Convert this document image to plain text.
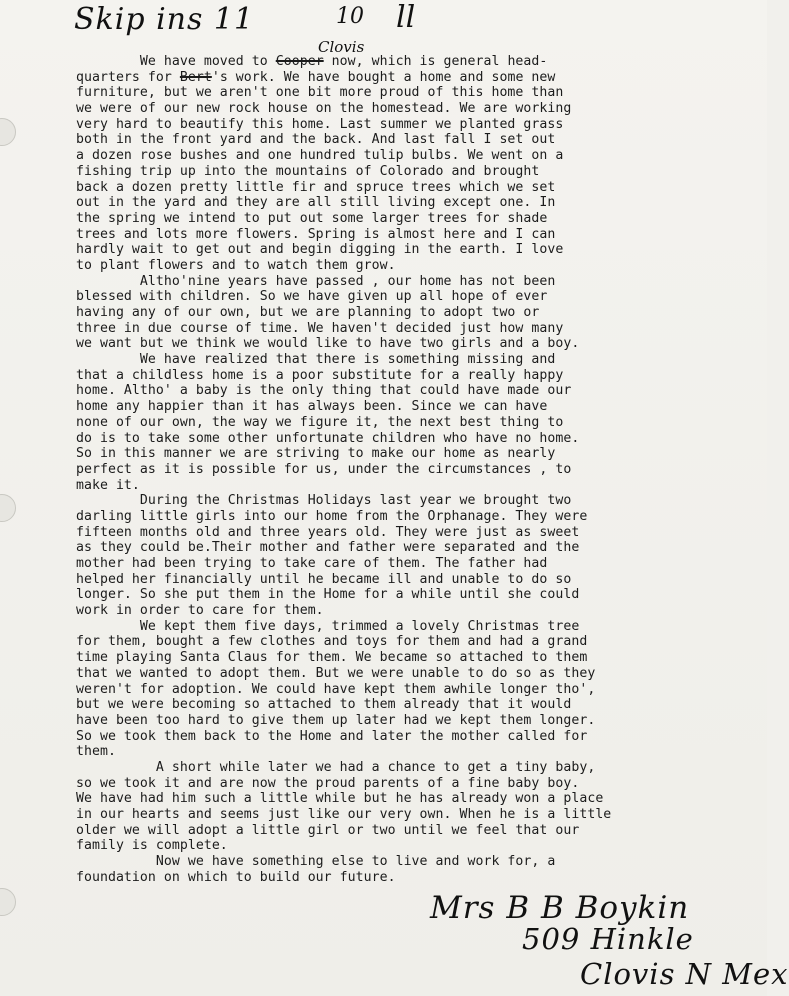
Skip ins 11	10 ll
Clovis
We have moved to Cooper now, which is general head-
quarters for Bert's work. We have bought a home and some new
furniture, but we aren't one bit more proud of this home than
we were of our new rock house on the homestead. We are working
very hard to beautify this home. Last summer we planted grass
both in the front yard and the back. And last fall I set out
a dozen rose bushes and one hundred tulip bulbs. We went on a
fishing trip up into the mountains of Colorado and brought
back a dozen pretty little fir and spruce trees which we set
out in the yard and they are all still living except one. In
the spring we intend to put out some larger trees for shade
trees and lots more flowers. Spring is almost here and I can
hardly wait to get out and begin digging in the earth. I love
to plant flowers and to watch them grow.
Altho'nine years have passed , our home has not been
blessed with children. So we have given up all hope of ever
having any of our own, but we are planning to adopt two or
three in due course of time. We haven't decided just how many
we want but we think we would like to have two girls and a boy.
We have realized that there is something missing and
that a childless home is a poor substitute for a really happy
home. Altho' a baby is the only thing that could have made our
home any happier than it has always been. Since we can have
none of our own, the way we figure it, the next best thing to
do is to take some other unfortunate children who have no home.
So in this manner we are striving to make our home as nearly
perfect as it is possible for us, under the circumstances , to
make it.
During the Christmas Holidays last year we brought two
darling little girls into our home from the Orphanage. They were
fifteen months old and three years old. They were just as sweet
as they could be.Their mother and father were separated and the
mother had been trying to take care of them. The father had
helped her financially until he became ill and unable to do so
longer. So she put them in the Home for a while until she could
work in order to care for them.
We kept them five days, trimmed a lovely Christmas tree
for them, bought a few clothes and toys for them and had a grand
time playing Santa Claus for them. We became so attached to them
that we wanted to adopt them. But we were unable to do so as they
weren't for adoption. We could have kept them awhile longer tho',
but we were becoming so attached to them already that it would
have been too hard to give them up later had we kept them longer.
So we took them back to the Home and later the mother called for
them.
A short while later we had a chance to get a tiny baby,
so we took it and are now the proud parents of a fine baby boy.
We have had him such a little while but he has already won a place
in our hearts and seems just like our very own. When he is a little
older we will adopt a little girl or two until we feel that our
family is complete.
Now we have something else to live and work for, a
foundation on which to build our future.
Mrs B B Boykin
509 Hinkle
Clovis N Mex
